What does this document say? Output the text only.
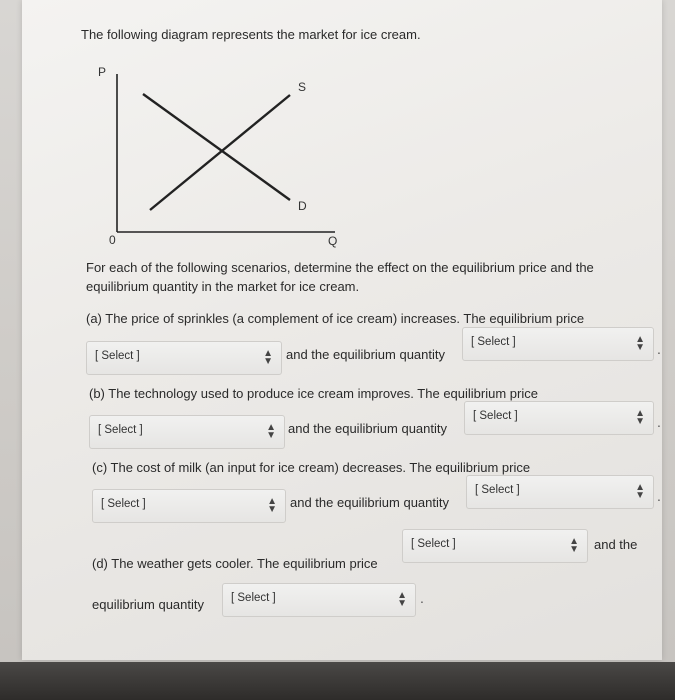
The following diagram represents the market for ice cream.
P
0	Q
S
D
For each of the following scenarios, determine the effect on the equilibrium price and the equilibrium quantity in the market for ice cream.
(a) The price of sprinkles (a complement of ice cream) increases. The equilibrium price
[ Select ]	▲
▼ and the equilibrium quantity
[ Select ]	▲
▼ .
(b) The technology used to produce ice cream improves. The equilibrium price
[ Select ]	▲
▼ and the equilibrium quantity
[ Select ]	▲
▼ .
(c) The cost of milk (an input for ice cream) decreases. The equilibrium price
[ Select ]	▲
▼ and the equilibrium quantity
[ Select ]	▲
▼ .
(d) The weather gets cooler. The equilibrium price
[ Select ]	▲
▼ and the
equilibrium quantity [ Select ]	▲
▼ .
